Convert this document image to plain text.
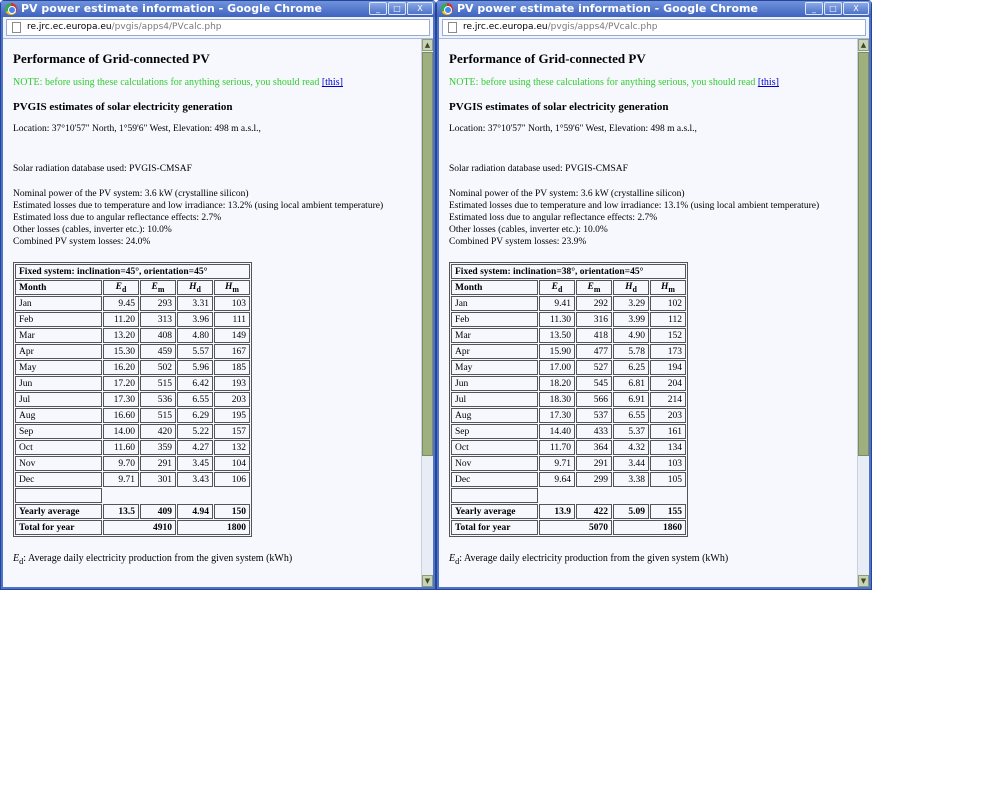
PV power estimate information - Google Chrome	_	□	X
re.jrc.ec.europa.eu/pvgis/apps4/PVcalc.php
Performance of Grid-connected PV
NOTE: before using these calculations for anything serious, you should read [this]
PVGIS estimates of solar electricity generation
Location: 37°10'57" North, 1°59'6" West, Elevation: 498 m a.s.l.,
Solar radiation database used: PVGIS-CMSAF
Nominal power of the PV system: 3.6 kW (crystalline silicon)
Estimated losses due to temperature and low irradiance: 13.2% (using local ambient temperature)
Estimated loss due to angular reflectance effects: 2.7%
Other losses (cables, inverter etc.): 10.0%
Combined PV system losses: 24.0%
Fixed system: inclination=45°, orientation=45°				
Month	$E_d$	$E_m$	$H_d$	$H_m$
Jan	9.45	293	3.31	103
Feb	11.20	313	3.96	111
Mar	13.20	408	4.80	149
Apr	15.30	459	5.57	167
May	16.20	502	5.96	185
Jun	17.20	515	6.42	193
Jul	17.30	536	6.55	203
Aug	16.60	515	6.29	195
Sep	14.00	420	5.22	157
Oct	11.60	359	4.27	132
Nov	9.70	291	3.45	104
Dec	9.71	301	3.43	106

Yearly average	13.5	409	4.94	150
Total for year	4910		1800	
$E_d$: Average daily electricity production from the given system (kWh)
▲
▼
PV power estimate information - Google Chrome	_	□	X
re.jrc.ec.europa.eu/pvgis/apps4/PVcalc.php
Performance of Grid-connected PV
NOTE: before using these calculations for anything serious, you should read [this]
PVGIS estimates of solar electricity generation
Location: 37°10'57" North, 1°59'6" West, Elevation: 498 m a.s.l.,
Solar radiation database used: PVGIS-CMSAF
Nominal power of the PV system: 3.6 kW (crystalline silicon)
Estimated losses due to temperature and low irradiance: 13.1% (using local ambient temperature)
Estimated loss due to angular reflectance effects: 2.7%
Other losses (cables, inverter etc.): 10.0%
Combined PV system losses: 23.9%
Fixed system: inclination=38°, orientation=45°				
Month	$E_d$	$E_m$	$H_d$	$H_m$
Jan	9.41	292	3.29	102
Feb	11.30	316	3.99	112
Mar	13.50	418	4.90	152
Apr	15.90	477	5.78	173
May	17.00	527	6.25	194
Jun	18.20	545	6.81	204
Jul	18.30	566	6.91	214
Aug	17.30	537	6.55	203
Sep	14.40	433	5.37	161
Oct	11.70	364	4.32	134
Nov	9.71	291	3.44	103
Dec	9.64	299	3.38	105

Yearly average	13.9	422	5.09	155
Total for year	5070		1860	
$E_d$: Average daily electricity production from the given system (kWh)
▲
▼
